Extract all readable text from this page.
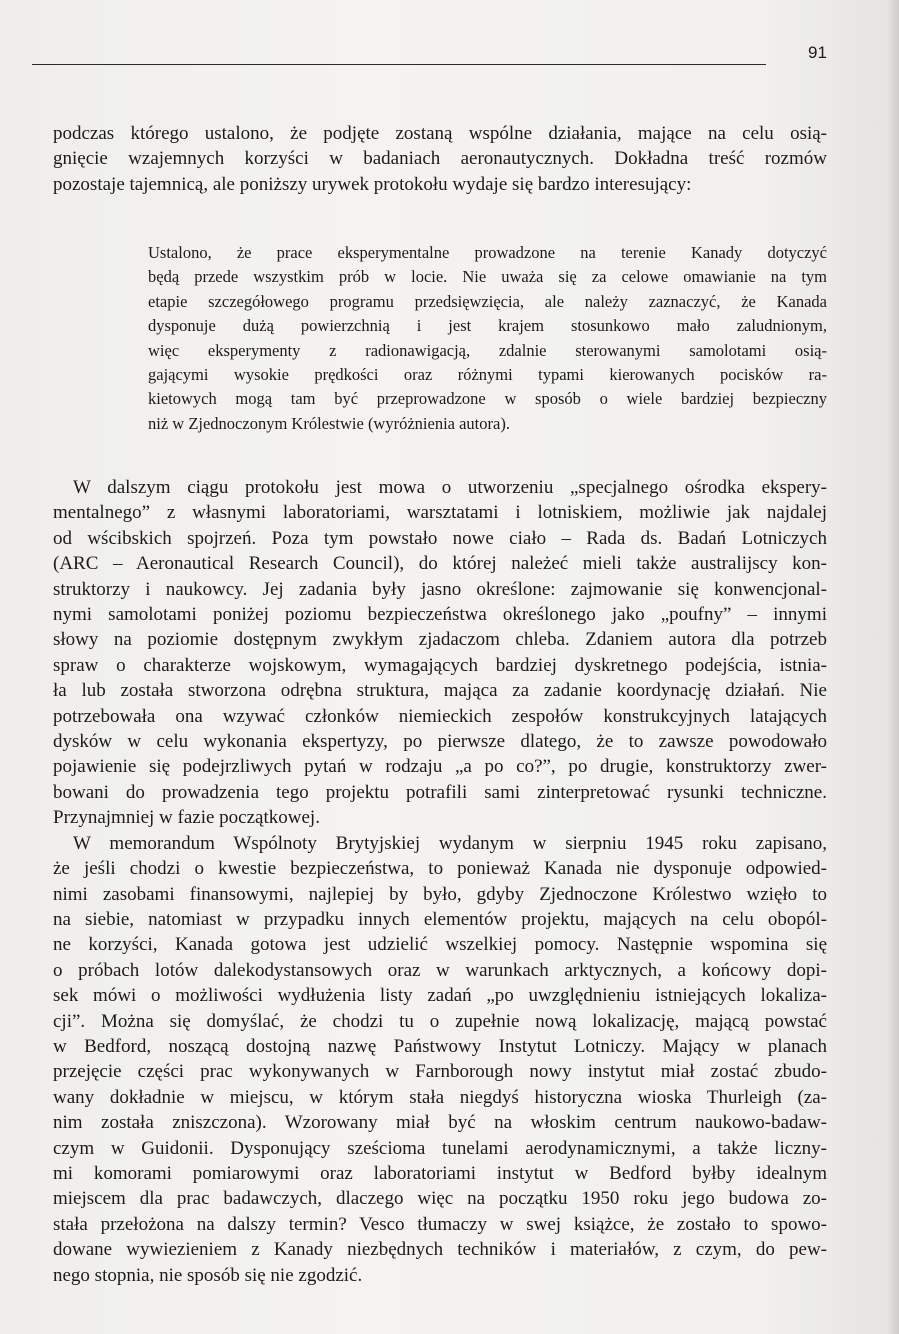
91

podczas którego ustalono, że podjęte zostaną wspólne działania, mające na celu osią-

gnięcie wzajemnych korzyści w badaniach aeronautycznych. Dokładna treść rozmów

pozostaje tajemnicą, ale poniższy urywek protokołu wydaje się bardzo interesujący:

Ustalono, że prace eksperymentalne prowadzone na terenie Kanady dotyczyć

będą przede wszystkim prób w locie. Nie uważa się za celowe omawianie na tym

etapie szczegółowego programu przedsięwzięcia, ale należy zaznaczyć, że Kanada

dysponuje dużą powierzchnią i jest krajem stosunkowo mało zaludnionym,

więc eksperymenty z radionawigacją, zdalnie sterowanymi samolotami osią-

gającymi wysokie prędkości oraz różnymi typami kierowanych pocisków ra-

kietowych mogą tam być przeprowadzone w sposób o wiele bardziej bezpieczny

niż w Zjednoczonym Królestwie (wyróżnienia autora).

W dalszym ciągu protokołu jest mowa o utworzeniu „specjalnego ośrodka ekspery-

mentalnego” z własnymi laboratoriami, warsztatami i lotniskiem, możliwie jak najdalej

od wścibskich spojrzeń. Poza tym powstało nowe ciało – Rada ds. Badań Lotniczych

(ARC – Aeronautical Research Council), do której należeć mieli także australijscy kon-

struktorzy i naukowcy. Jej zadania były jasno określone: zajmowanie się konwencjonal-

nymi samolotami poniżej poziomu bezpieczeństwa określonego jako „poufny” – innymi

słowy na poziomie dostępnym zwykłym zjadaczom chleba. Zdaniem autora dla potrzeb

spraw o charakterze wojskowym, wymagających bardziej dyskretnego podejścia, istnia-

ła lub została stworzona odrębna struktura, mająca za zadanie koordynację działań. Nie

potrzebowała ona wzywać członków niemieckich zespołów konstrukcyjnych latających

dysków w celu wykonania ekspertyzy, po pierwsze dlatego, że to zawsze powodowało

pojawienie się podejrzliwych pytań w rodzaju „a po co?”, po drugie, konstruktorzy zwer-

bowani do prowadzenia tego projektu potrafili sami zinterpretować rysunki techniczne.

Przynajmniej w fazie początkowej.

W memorandum Wspólnoty Brytyjskiej wydanym w sierpniu 1945 roku zapisano,

że jeśli chodzi o kwestie bezpieczeństwa, to ponieważ Kanada nie dysponuje odpowied-

nimi zasobami finansowymi, najlepiej by było, gdyby Zjednoczone Królestwo wzięło to

na siebie, natomiast w przypadku innych elementów projektu, mających na celu obopól-

ne korzyści, Kanada gotowa jest udzielić wszelkiej pomocy. Następnie wspomina się

o próbach lotów dalekodystansowych oraz w warunkach arktycznych, a końcowy dopi-

sek mówi o możliwości wydłużenia listy zadań „po uwzględnieniu istniejących lokaliza-

cji”. Można się domyślać, że chodzi tu o zupełnie nową lokalizację, mającą powstać

w Bedford, noszącą dostojną nazwę Państwowy Instytut Lotniczy. Mający w planach

przejęcie części prac wykonywanych w Farnborough nowy instytut miał zostać zbudo-

wany dokładnie w miejscu, w którym stała niegdyś historyczna wioska Thurleigh (za-

nim została zniszczona). Wzorowany miał być na włoskim centrum naukowo-badaw-

czym w Guidonii. Dysponujący sześcioma tunelami aerodynamicznymi, a także liczny-

mi komorami pomiarowymi oraz laboratoriami instytut w Bedford byłby idealnym

miejscem dla prac badawczych, dlaczego więc na początku 1950 roku jego budowa zo-

stała przełożona na dalszy termin? Vesco tłumaczy w swej książce, że zostało to spowo-

dowane wywiezieniem z Kanady niezbędnych techników i materiałów, z czym, do pew-

nego stopnia, nie sposób się nie zgodzić.
